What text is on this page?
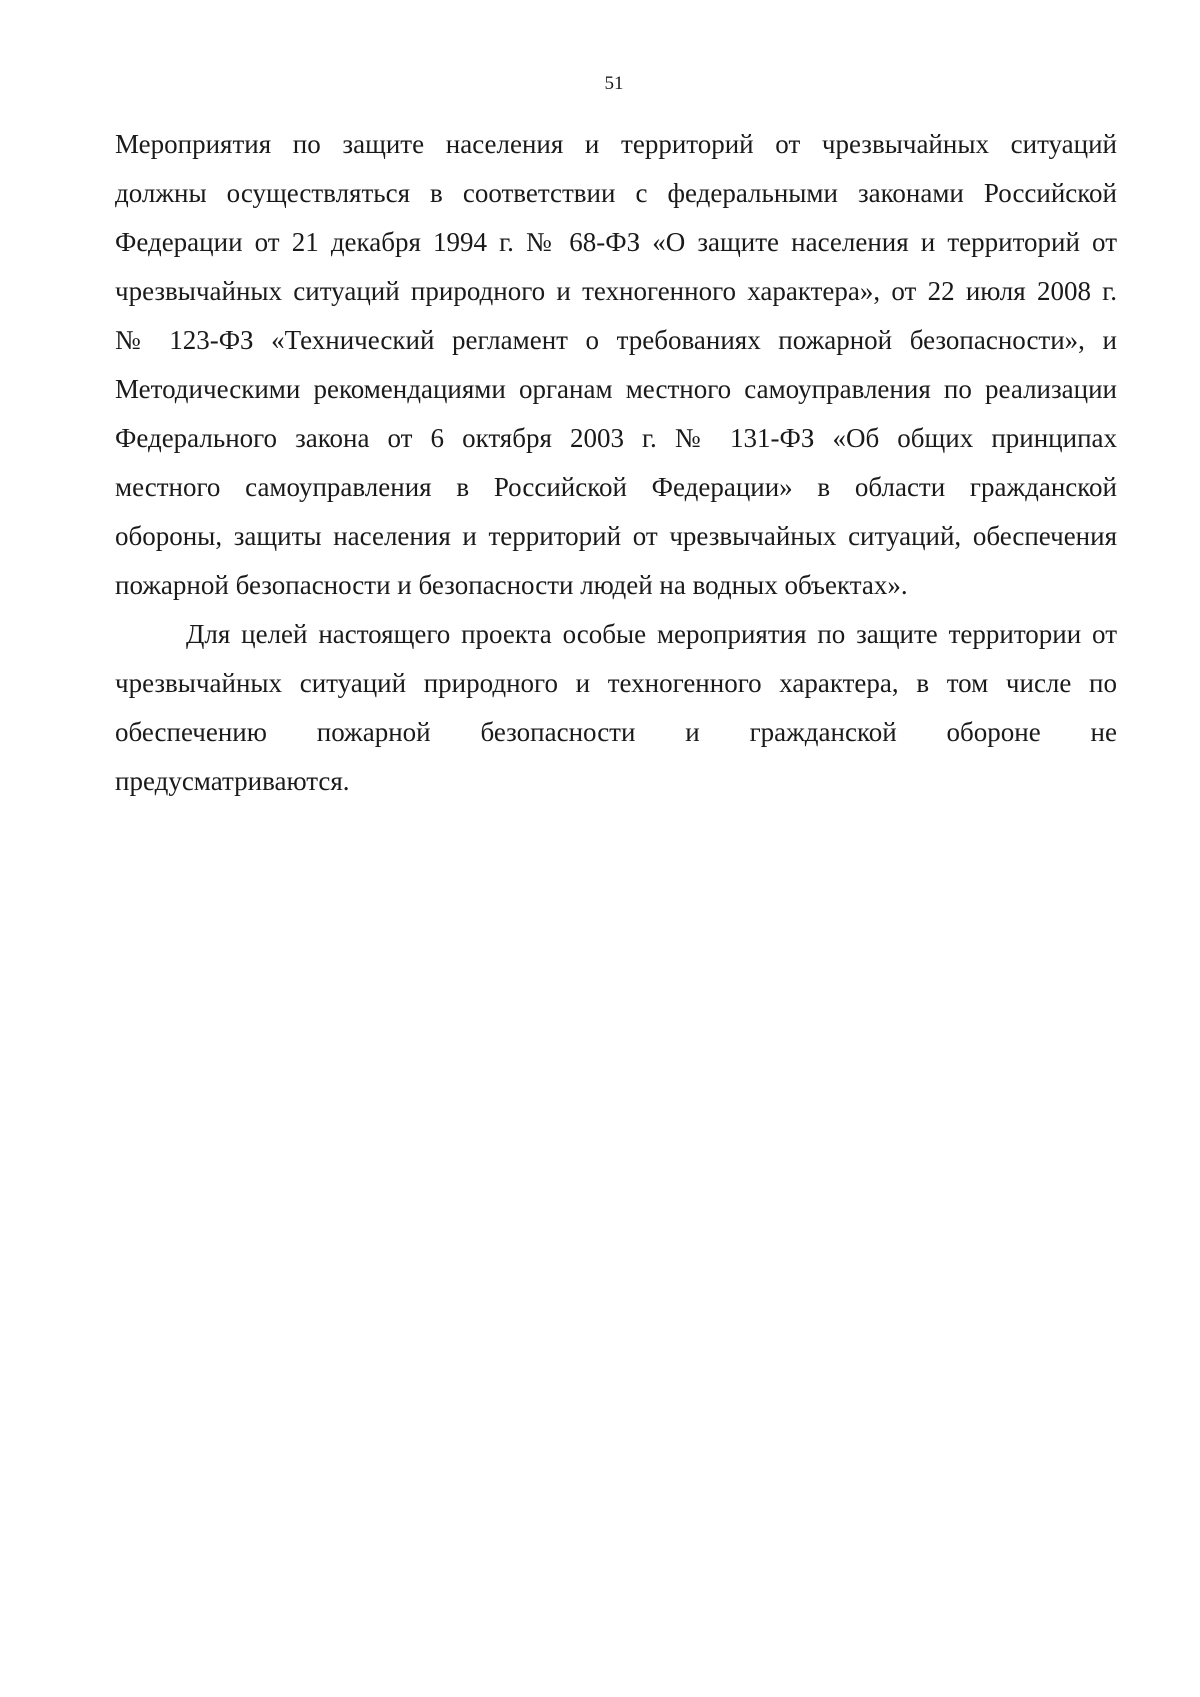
51

Мероприятия по защите населения и территорий от чрезвычайных ситуаций
должны осуществляться в соответствии с федеральными законами Российской
Федерации от 21 декабря 1994 г. № 68-ФЗ «О защите населения и территорий от
чрезвычайных ситуаций природного и техногенного характера», от 22 июля 2008 г.
№ 123-ФЗ «Технический регламент о требованиях пожарной безопасности», и
Методическими рекомендациями органам местного самоуправления по реализации
Федерального закона от 6 октября 2003 г. № 131-ФЗ «Об общих принципах
местного самоуправления в Российской Федерации» в области гражданской
обороны, защиты населения и территорий от чрезвычайных ситуаций, обеспечения
пожарной безопасности и безопасности людей на водных объектах».

Для целей настоящего проекта особые мероприятия по защите территории от
чрезвычайных ситуаций природного и техногенного характера, в том числе по
обеспечению пожарной безопасности и гражданской обороне не
предусматриваются.
